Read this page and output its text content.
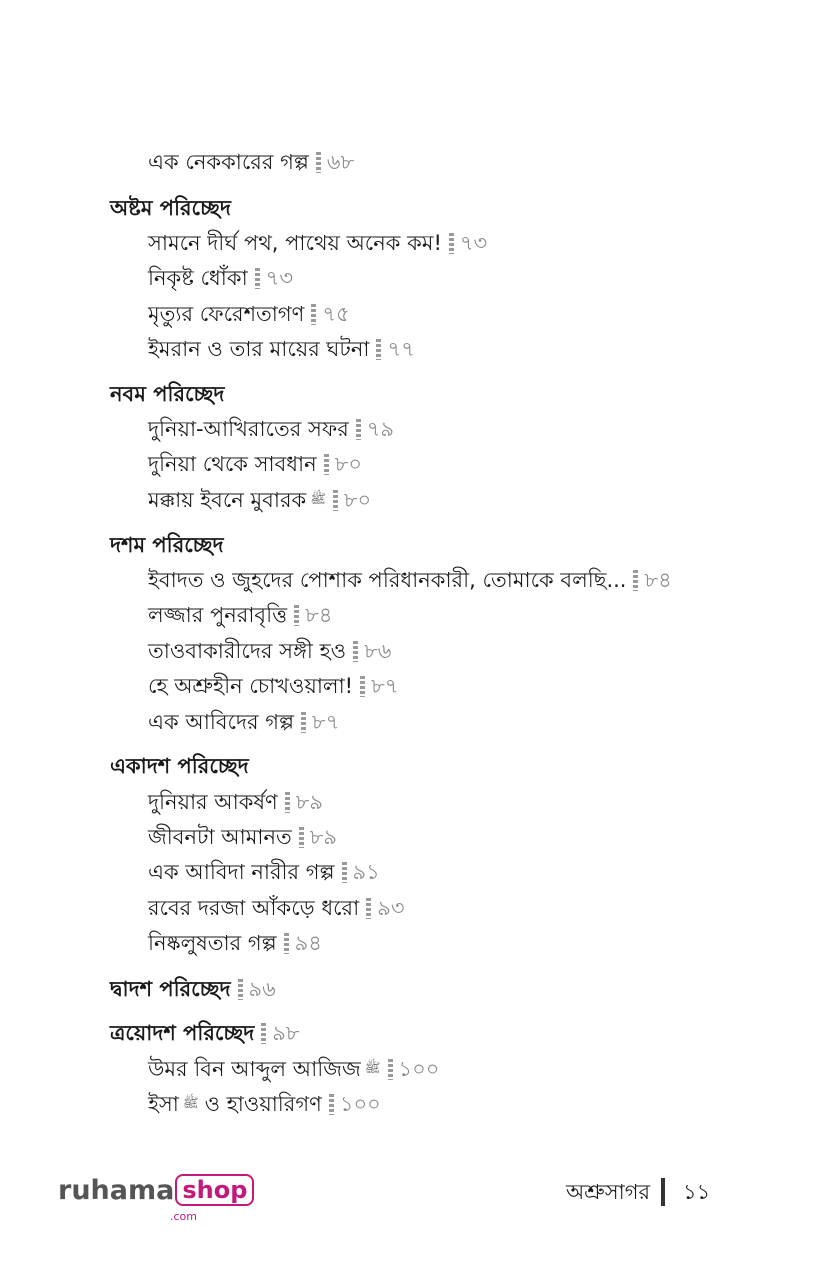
এক নেককারের গল্প ৬৮
অষ্টম পরিচ্ছেদ
সামনে দীর্ঘ পথ, পাথেয় অনেক কম! ৭৩
নিকৃষ্ট ধোঁকা ৭৩
মৃত্যুর ফেরেশতাগণ ৭৫
ইমরান ও তার মায়ের ঘটনা ৭৭
নবম পরিচ্ছেদ
দুনিয়া-আখিরাতের সফর ৭৯
দুনিয়া থেকে সাবধান ৮০
মক্কায় ইবনে মুবারক ﷺ ৮০
দশম পরিচ্ছেদ
ইবাদত ও জুহদের পোশাক পরিধানকারী, তোমাকে বলছি... ৮৪
লজ্জার পুনরাবৃত্তি ৮৪
তাওবাকারীদের সঙ্গী হও ৮৬
হে অশ্রুহীন চোখওয়ালা! ৮৭
এক আবিদের গল্প ৮৭
একাদশ পরিচ্ছেদ
দুনিয়ার আকর্ষণ ৮৯
জীবনটা আমানত ৮৯
এক আবিদা নারীর গল্প ৯১
রবের দরজা আঁকড়ে ধরো ৯৩
নিষ্কলুষতার গল্প ৯৪
দ্বাদশ পরিচ্ছেদ ৯৬
ত্রয়োদশ পরিচ্ছেদ ৯৮
উমর বিন আব্দুল আজিজ ﷺ ১০০
ইসা ﷺ ও হাওয়ারিগণ ১০০
ruhama shop
.com
অশ্রুসাগর ১১
